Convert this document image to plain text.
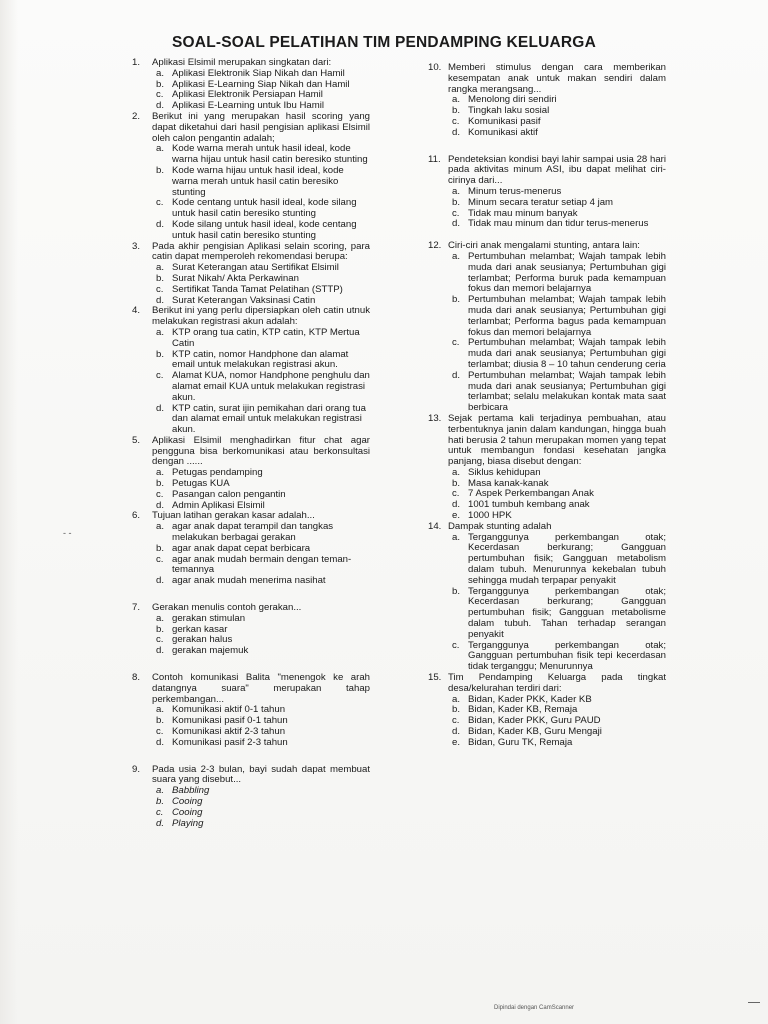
SOAL-SOAL PELATIHAN TIM PENDAMPING KELUARGA
- -
1. Aplikasi Elsimil merupakan singkatan dari:
a. Aplikasi Elektronik Siap Nikah dan Hamil
b. Aplikasi E-Learning Siap Nikah dan Hamil
c. Aplikasi Elektronik Persiapan Hamil
d. Aplikasi E-Learning untuk Ibu Hamil
2. Berikut ini yang merupakan hasil scoring yang dapat diketahui dari hasil pengisian aplikasi Elsimil oleh calon pengantin adalah;
a. Kode warna merah untuk hasil ideal, kode warna hijau untuk hasil catin beresiko stunting
b. Kode warna hijau untuk hasil ideal, kode warna merah untuk hasil catin beresiko stunting
c. Kode centang untuk hasil ideal, kode silang untuk hasil catin beresiko stunting
d. Kode silang untuk hasil ideal, kode centang untuk hasil catin beresiko stunting
3. Pada akhir pengisian Aplikasi selain scoring, para catin dapat memperoleh rekomendasi berupa:
a. Surat Keterangan atau Sertifikat Elsimil
b. Surat Nikah/ Akta Perkawinan
c. Sertifikat Tanda Tamat Pelatihan (STTP)
d. Surat Keterangan Vaksinasi Catin
4. Berikut ini yang perlu dipersiapkan oleh catin utnuk melakukan registrasi akun adalah:
a. KTP orang tua catin, KTP catin, KTP Mertua Catin
b. KTP catin, nomor Handphone dan alamat email untuk melakukan registrasi akun.
c. Alamat KUA, nomor Handphone penghulu dan alamat email KUA untuk melakukan registrasi akun.
d. KTP catin, surat ijin pemikahan dari orang tua dan alamat email untuk melakukan registrasi akun.
5. Aplikasi Elsimil menghadirkan fitur chat agar pengguna bisa berkomunikasi atau berkonsultasi dengan ......
a. Petugas pendamping
b. Petugas KUA
c. Pasangan calon pengantin
d. Admin Aplikasi Elsimil
6. Tujuan latihan gerakan kasar adalah...
a. agar anak dapat terampil dan tangkas melakukan berbagai gerakan
b. agar anak dapat cepat berbicara
c. agar anak mudah bermain dengan teman-temannya
d. agar anak mudah menerima nasihat
7. Gerakan menulis contoh gerakan...
a. gerakan stimulan
b. gerkan kasar
c. gerakan halus
d. gerakan majemuk
8. Contoh komunikasi Balita "menengok ke arah datangnya suara" merupakan tahap perkembangan...
a. Komunikasi aktif 0-1 tahun
b. Komunikasi pasif 0-1 tahun
c. Komunikasi aktif 2-3 tahun
d. Komunikasi pasif 2-3 tahun
9. Pada usia 2-3 bulan, bayi sudah dapat membuat suara yang disebut...
a. Babbling
b. Cooing
c. Cooing
d. Playing
10. Memberi stimulus dengan cara memberikan kesempatan anak untuk makan sendiri dalam rangka merangsang...
a. Menolong diri sendiri
b. Tingkah laku sosial
c. Komunikasi pasif
d. Komunikasi aktif
11. Pendeteksian kondisi bayi lahir sampai usia 28 hari pada aktivitas minum ASI, ibu dapat melihat ciri-cirinya dari...
a. Minum terus-menerus
b. Minum secara teratur setiap 4 jam
c. Tidak mau minum banyak
d. Tidak mau minum dan tidur terus-menerus
12. Ciri-ciri anak mengalami stunting, antara lain:
a. Pertumbuhan melambat; Wajah tampak lebih muda dari anak seusianya; Pertumbuhan gigi terlambat; Performa buruk pada kemampuan fokus dan memori belajarnya
b. Pertumbuhan melambat; Wajah tampak lebih muda dari anak seusianya; Pertumbuhan gigi terlambat; Performa bagus pada kemampuan fokus dan memori belajarnya
c. Pertumbuhan melambat; Wajah tampak lebih muda dari anak seusianya; Pertumbuhan gigi terlambat; diusia 8 – 10 tahun cenderung ceria
d. Pertumbuhan melambat; Wajah tampak lebih muda dari anak seusianya; Pertumbuhan gigi terlambat; selalu melakukan kontak mata saat berbicara
13. Sejak pertama kali terjadinya pembuahan, atau terbentuknya janin dalam kandungan, hingga buah hati berusia 2 tahun merupakan momen yang tepat untuk membangun fondasi kesehatan jangka panjang, biasa disebut dengan:
a. Siklus kehidupan
b. Masa kanak-kanak
c. 7 Aspek Perkembangan Anak
d. 1001 tumbuh kembang anak
e. 1000 HPK
14. Dampak stunting adalah
a. Terganggunya perkembangan otak; Kecerdasan berkurang; Gangguan pertumbuhan fisik; Gangguan metabolism dalam tubuh. Menurunnya kekebalan tubuh sehingga mudah terpapar penyakit
b. Terganggunya perkembangan otak; Kecerdasan berkurang; Gangguan pertumbuhan fisik; Gangguan metabolisme dalam tubuh. Tahan terhadap serangan penyakit
c. Terganggunya perkembangan otak; Gangguan pertumbuhan fisik tepi kecerdasan tidak terganggu; Menurunnya
15. Tim Pendamping Keluarga pada tingkat desa/kelurahan terdiri dari:
a. Bidan, Kader PKK, Kader KB
b. Bidan, Kader KB, Remaja
c. Bidan, Kader PKK, Guru PAUD
d. Bidan, Kader KB, Guru Mengaji
e. Bidan, Guru TK, Remaja
Dipindai dengan CamScanner
